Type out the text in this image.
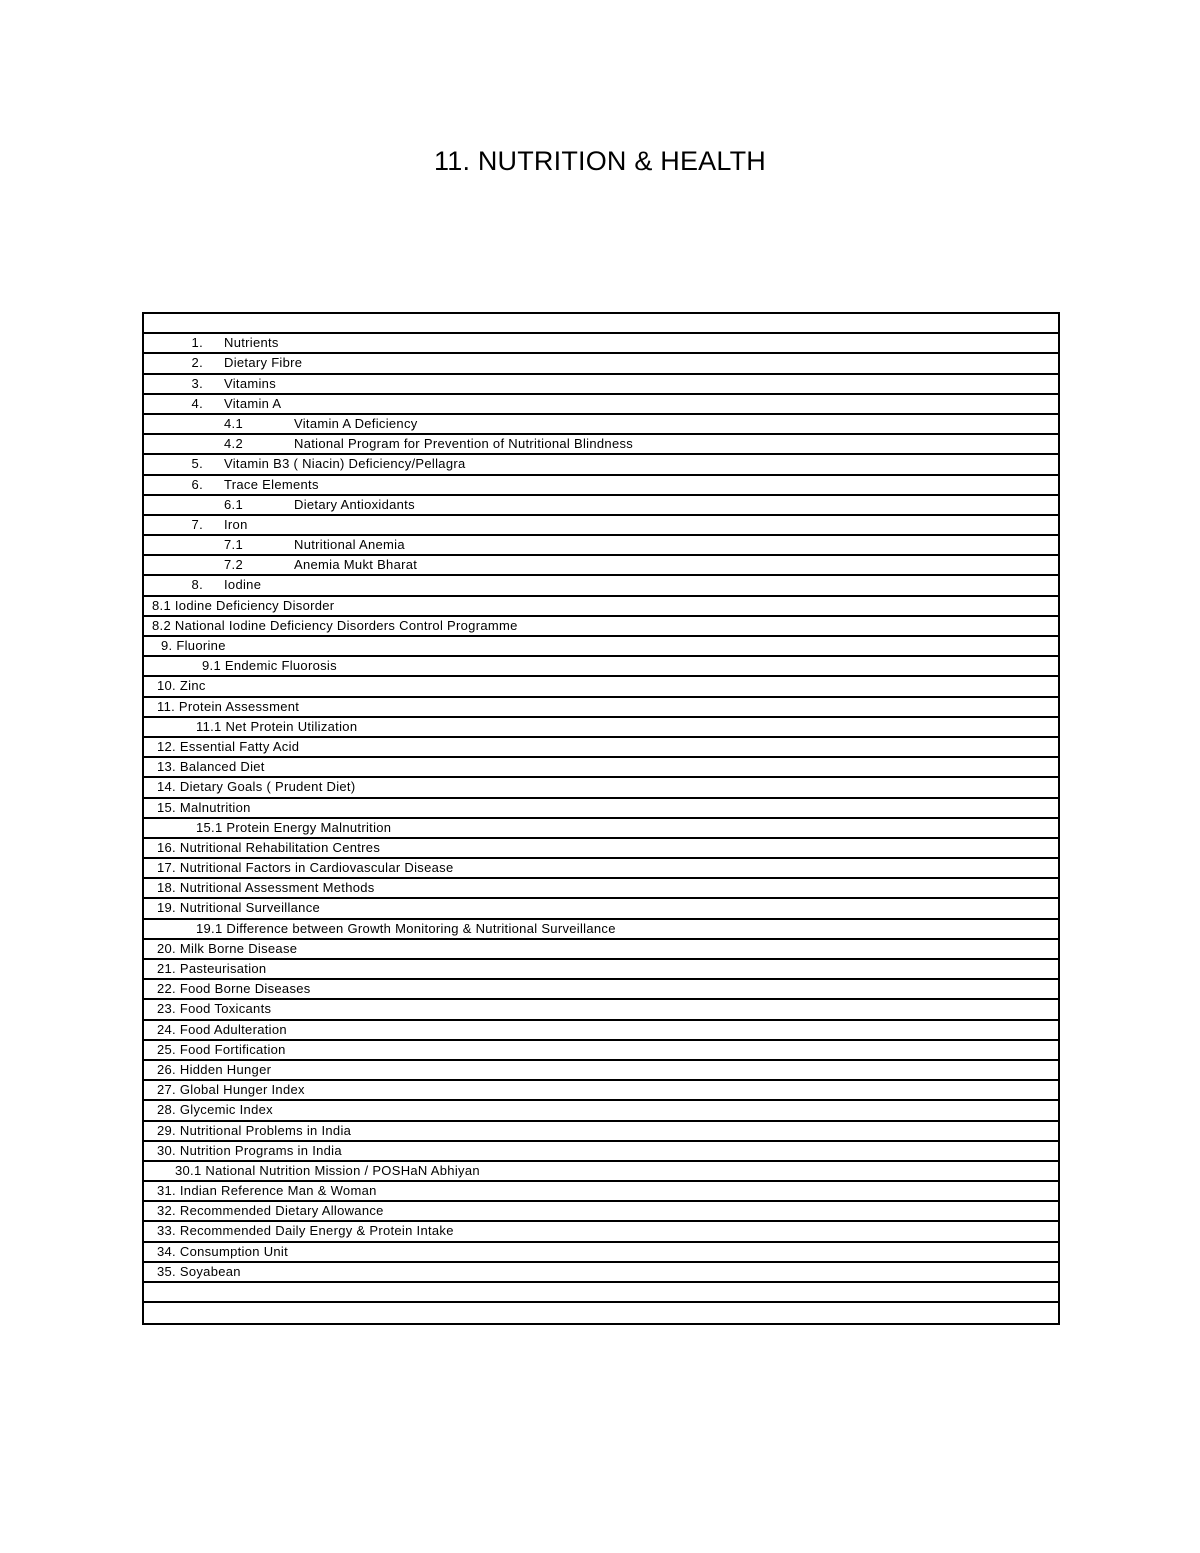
11. NUTRITION & HEALTH
1. Nutrients
2. Dietary Fibre
3. Vitamins
4. Vitamin A
4.1	Vitamin A Deficiency
4.2	National Program for Prevention of Nutritional Blindness
5. Vitamin B3 ( Niacin) Deficiency/Pellagra
6. Trace Elements
6.1	Dietary Antioxidants
7. Iron
7.1	Nutritional Anemia
7.2	Anemia Mukt Bharat
8. Iodine
8.1 Iodine Deficiency Disorder
8.2 National Iodine Deficiency Disorders Control Programme
9. Fluorine
9.1 Endemic Fluorosis
10. Zinc
11. Protein Assessment
11.1 Net Protein Utilization
12. Essential Fatty Acid
13. Balanced Diet
14. Dietary Goals ( Prudent Diet)
15. Malnutrition
15.1 Protein Energy Malnutrition
16. Nutritional Rehabilitation Centres
17. Nutritional Factors in Cardiovascular Disease
18. Nutritional Assessment Methods
19. Nutritional Surveillance
19.1 Difference between Growth Monitoring & Nutritional Surveillance
20. Milk Borne Disease
21. Pasteurisation
22. Food Borne Diseases
23. Food Toxicants
24. Food Adulteration
25. Food Fortification
26. Hidden Hunger
27. Global Hunger Index
28. Glycemic Index
29. Nutritional Problems in India
30. Nutrition Programs in India
30.1 National Nutrition Mission / POSHaN Abhiyan
31. Indian Reference Man & Woman
32. Recommended Dietary Allowance
33. Recommended Daily Energy & Protein Intake
34. Consumption Unit
35. Soyabean
